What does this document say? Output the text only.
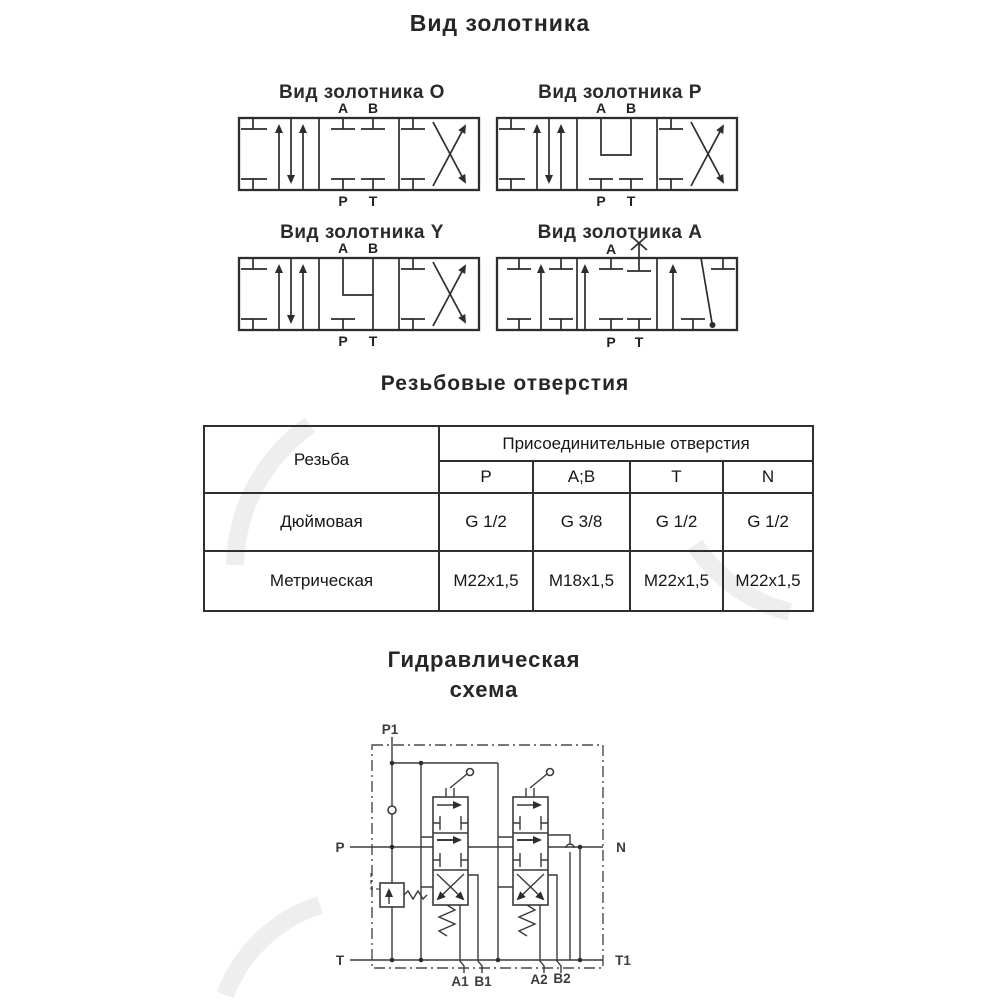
Вид золотника
Вид золотника О	Вид золотника Р
Вид золотника Y	Вид золотника А
A B
P T
A B
P T
A B
P T
A
P T
Резьбовые отверстия
Резьба	Присоединительные отверстия			
	P	A;B	T	N
Дюймовая	G 1/2	G 3/8	G 1/2	G 1/2
Метрическая	M22x1,5	M18x1,5	M22x1,5	M22x1,5
Гидравлическая
схема
P1
P	N
T	T1
A1 B1	A2 B2
